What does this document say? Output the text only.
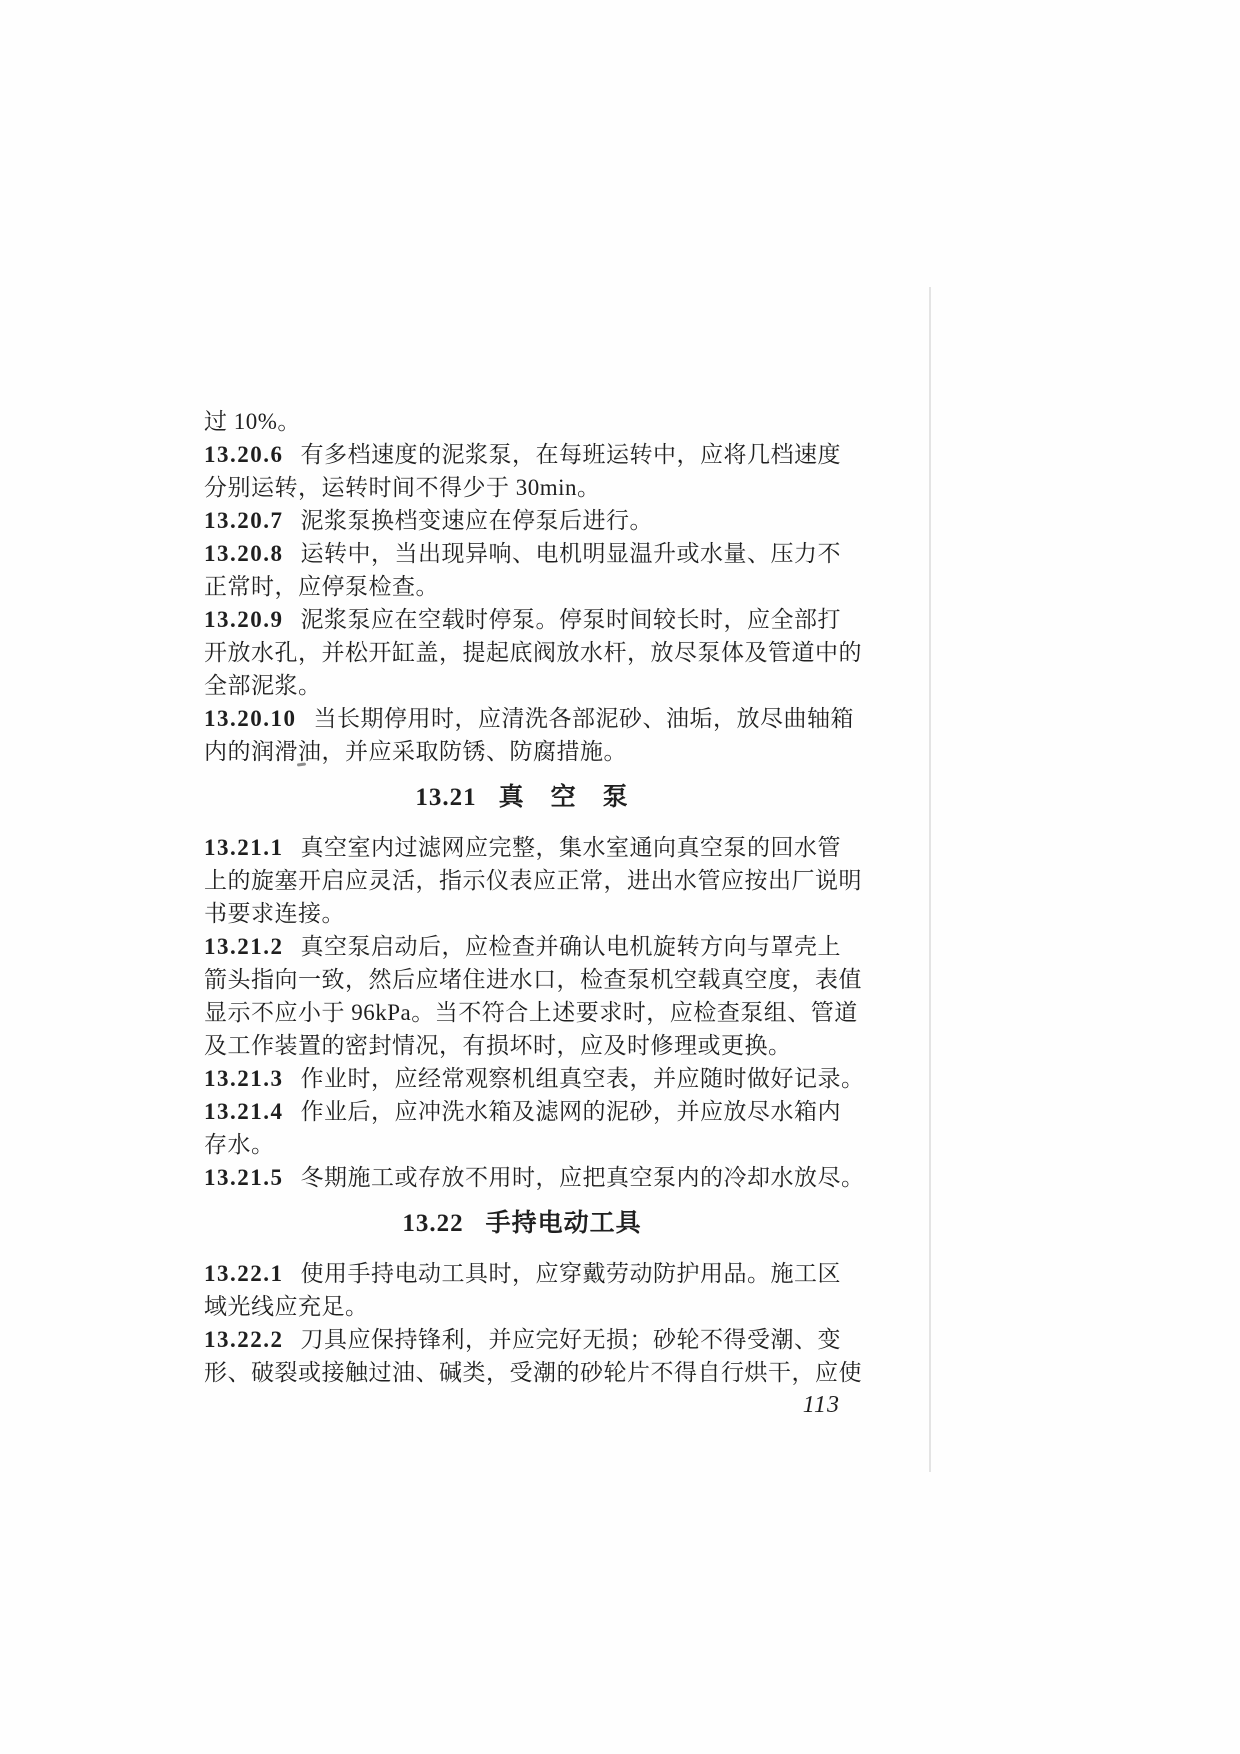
过 10%。
13.20.6 有多档速度的泥浆泵，在每班运转中，应将几档速度
分别运转，运转时间不得少于 30min。
13.20.7 泥浆泵换档变速应在停泵后进行。
13.20.8 运转中，当出现异响、电机明显温升或水量、压力不
正常时，应停泵检查。
13.20.9 泥浆泵应在空载时停泵。停泵时间较长时，应全部打
开放水孔，并松开缸盖，提起底阀放水杆，放尽泵体及管道中的
全部泥浆。
13.20.10 当长期停用时，应清洗各部泥砂、油垢，放尽曲轴箱
内的润滑油，并应采取防锈、防腐措施。
13.21 真　空　泵
13.21.1 真空室内过滤网应完整，集水室通向真空泵的回水管
上的旋塞开启应灵活，指示仪表应正常，进出水管应按出厂说明
书要求连接。
13.21.2 真空泵启动后，应检查并确认电机旋转方向与罩壳上
箭头指向一致，然后应堵住进水口，检查泵机空载真空度，表值
显示不应小于 96kPa。当不符合上述要求时，应检查泵组、管道
及工作装置的密封情况，有损坏时，应及时修理或更换。
13.21.3 作业时，应经常观察机组真空表，并应随时做好记录。
13.21.4 作业后，应冲洗水箱及滤网的泥砂，并应放尽水箱内
存水。
13.21.5 冬期施工或存放不用时，应把真空泵内的冷却水放尽。
13.22 手持电动工具
13.22.1 使用手持电动工具时，应穿戴劳动防护用品。施工区
域光线应充足。
13.22.2 刀具应保持锋利，并应完好无损；砂轮不得受潮、变
形、破裂或接触过油、碱类，受潮的砂轮片不得自行烘干，应使
113
